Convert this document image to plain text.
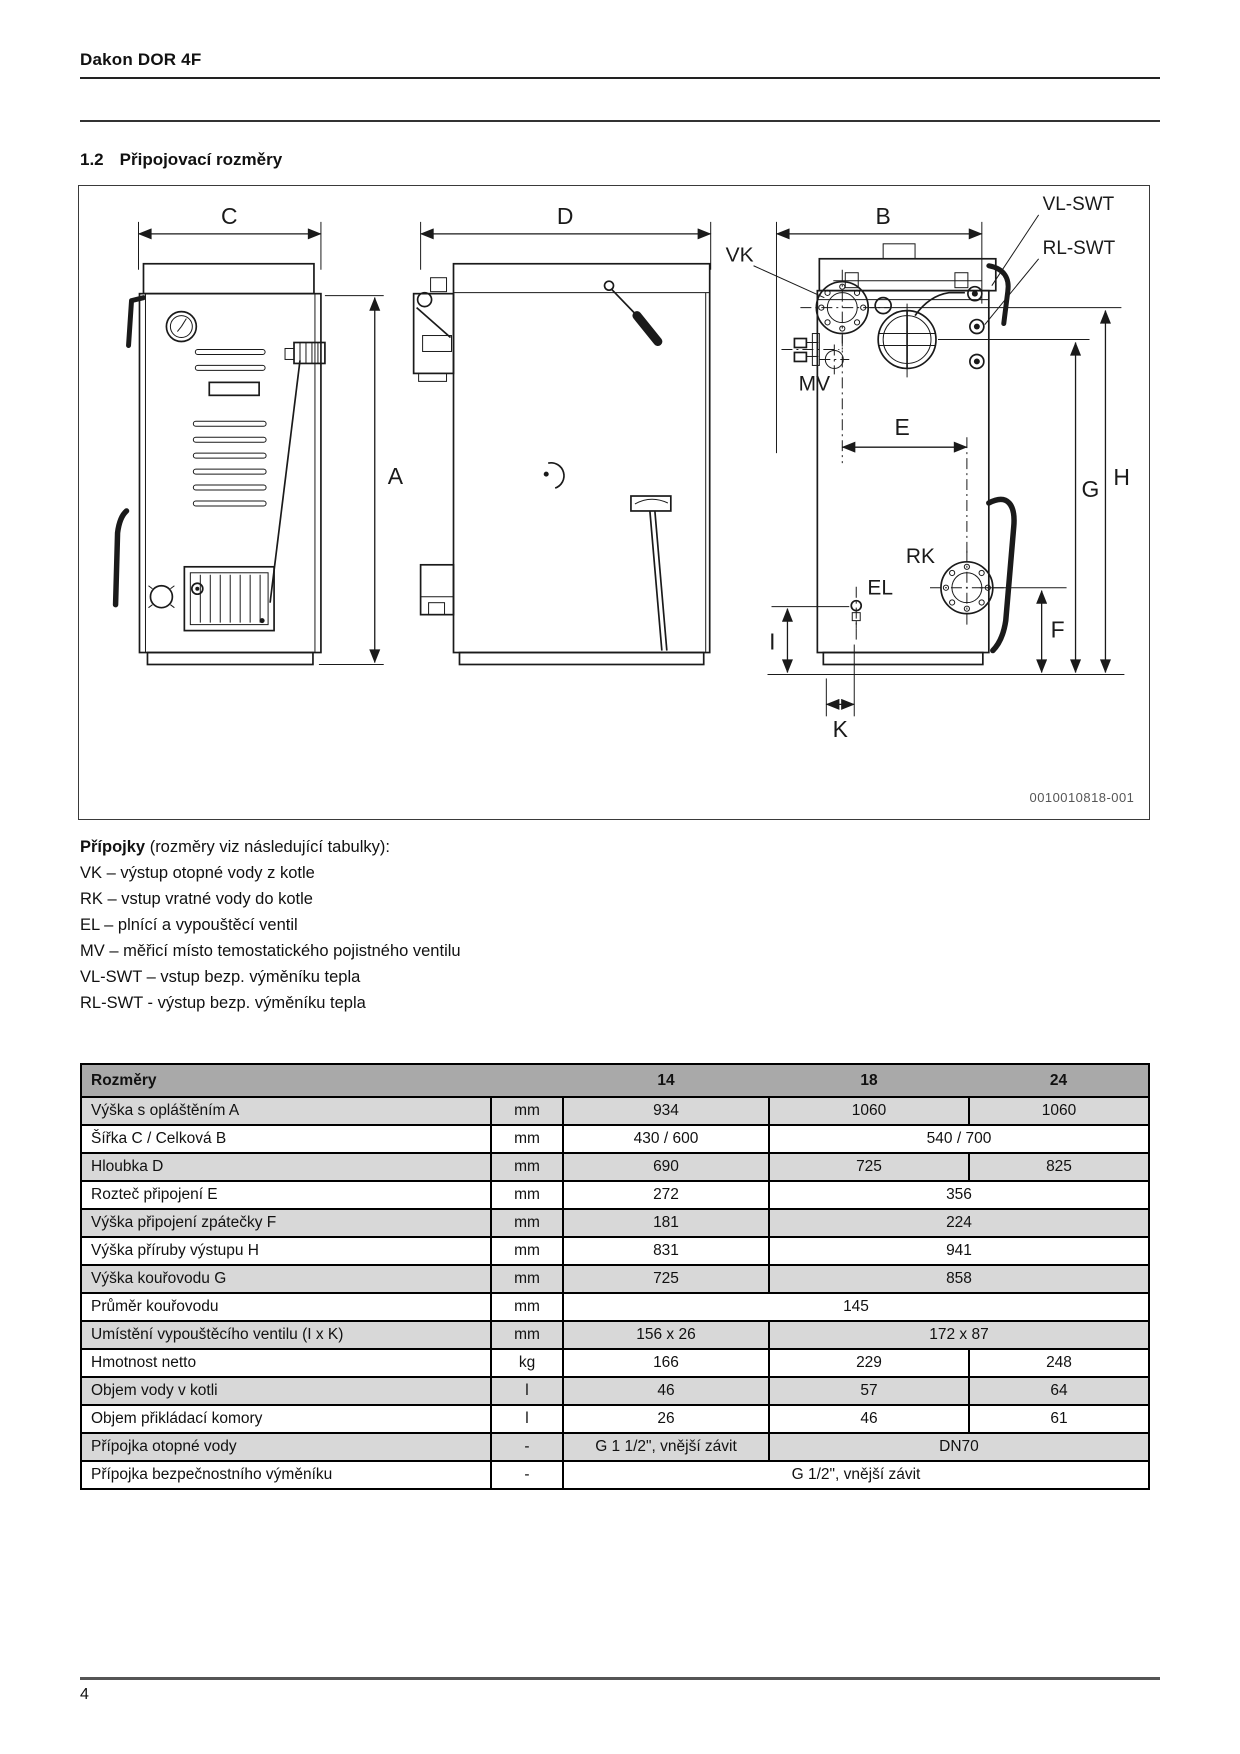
Dakon DOR 4F
1.2 Připojovací rozměry
C
A
D	B	VL-SWT
RL-SWT
VK
MV
E
RK
EL
I
K
F
G H
0010010818-001
Přípojky (rozměry viz následující tabulky):
VK – výstup otopné vody z kotle
RK – vstup vratné vody do kotle
EL – plnící a vypouštěcí ventil
MV – měřicí místo temostatického pojistného ventilu
VL-SWT – vstup bezp. výměníku tepla
RL-SWT - výstup bezp. výměníku tepla
Rozměry		14	18	24
Výška s opláštěním A	mm	934	1060	1060
Šířka C / Celková B	mm	430 / 600	540 / 700	
Hloubka D	mm	690	725	825
Rozteč připojení E	mm	272	356	
Výška připojení zpátečky F	mm	181	224	
Výška příruby výstupu H	mm	831	941	
Výška kouřovodu G	mm	725	858	
Průměr kouřovodu	mm	145		
Umístění vypouštěcího ventilu (I x K)	mm	156 x 26	172 x 87	
Hmotnost netto	kg	166	229	248
Objem vody v kotli	l	46	57	64
Objem přikládací komory	l	26	46	61
Přípojka otopné vody	-	G 1 1/2", vnější závit	DN70	
Přípojka bezpečnostního výměníku	-	G 1/2", vnější závit		
4
